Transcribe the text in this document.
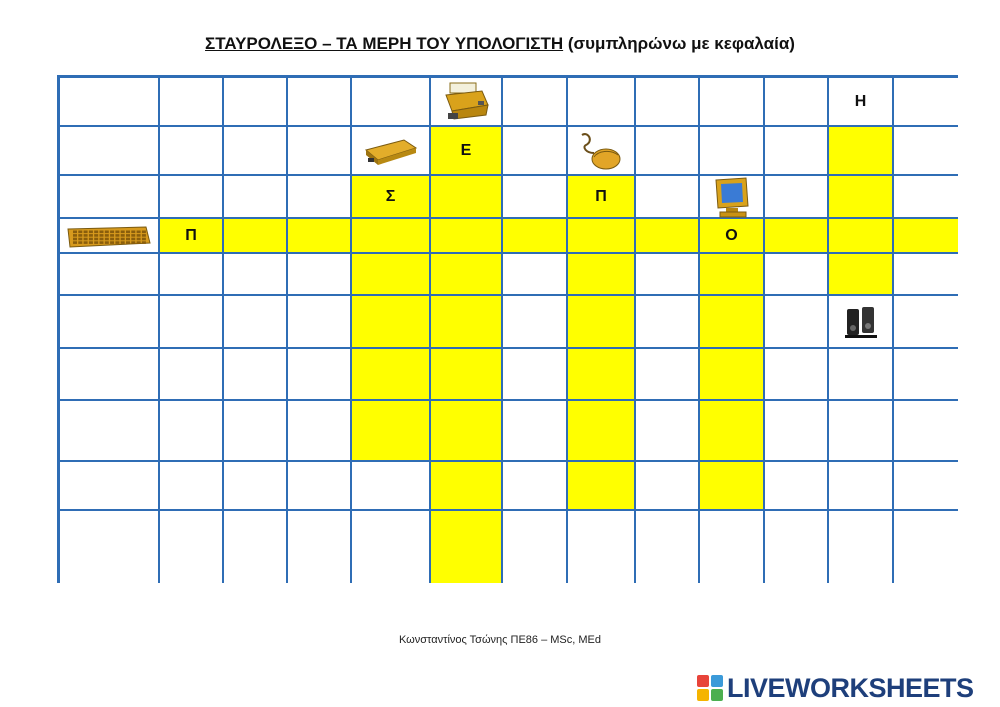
ΣΤΑΥΡΟΛΕΞΟ – ΤΑ ΜΕΡΗ ΤΟΥ ΥΠΟΛΟΓΙΣΤΗ (συμπληρώνω με κεφαλαία)
Η
Ε
Σ	Π
Π	Ο
Κωνσταντίνος Τσώνης ΠΕ86 – MSc, MEd
LIVEWORKSHEETS
